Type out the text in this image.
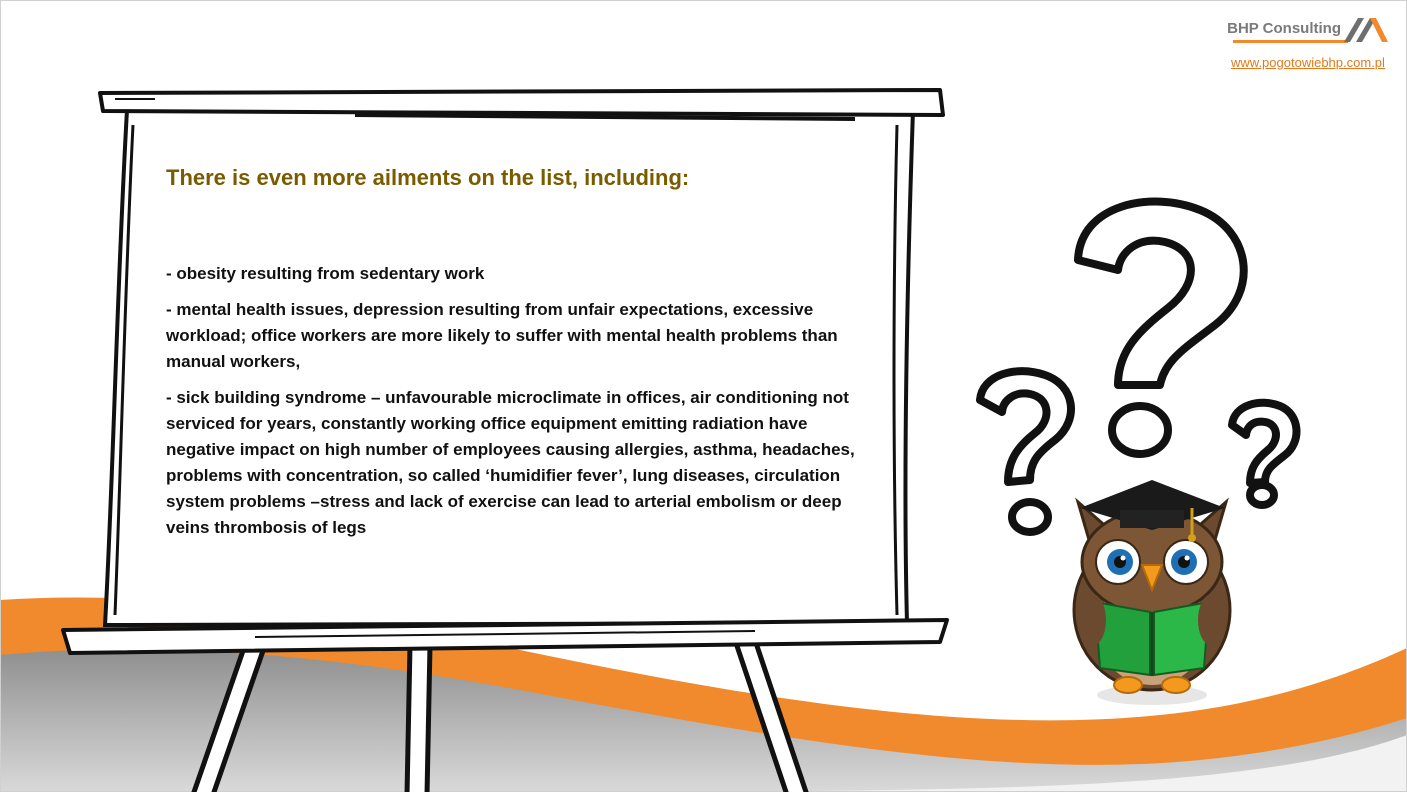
BHP Consulting
www.pogotowiebhp.com.pl
There is even more ailments on the list, including:
- obesity resulting from sedentary work
- mental health issues, depression resulting from unfair expectations, excessive workload; office workers are more likely to suffer with mental health problems than manual workers,
- sick building syndrome – unfavourable microclimate in offices, air conditioning not serviced for years, constantly working office equipment emitting radiation have negative impact on high number of employees causing allergies, asthma, headaches, problems with concentration, so called ‘humidifier fever’, lung diseases, circulation system problems –stress and lack of exercise can lead to arterial embolism or deep veins thrombosis of legs
